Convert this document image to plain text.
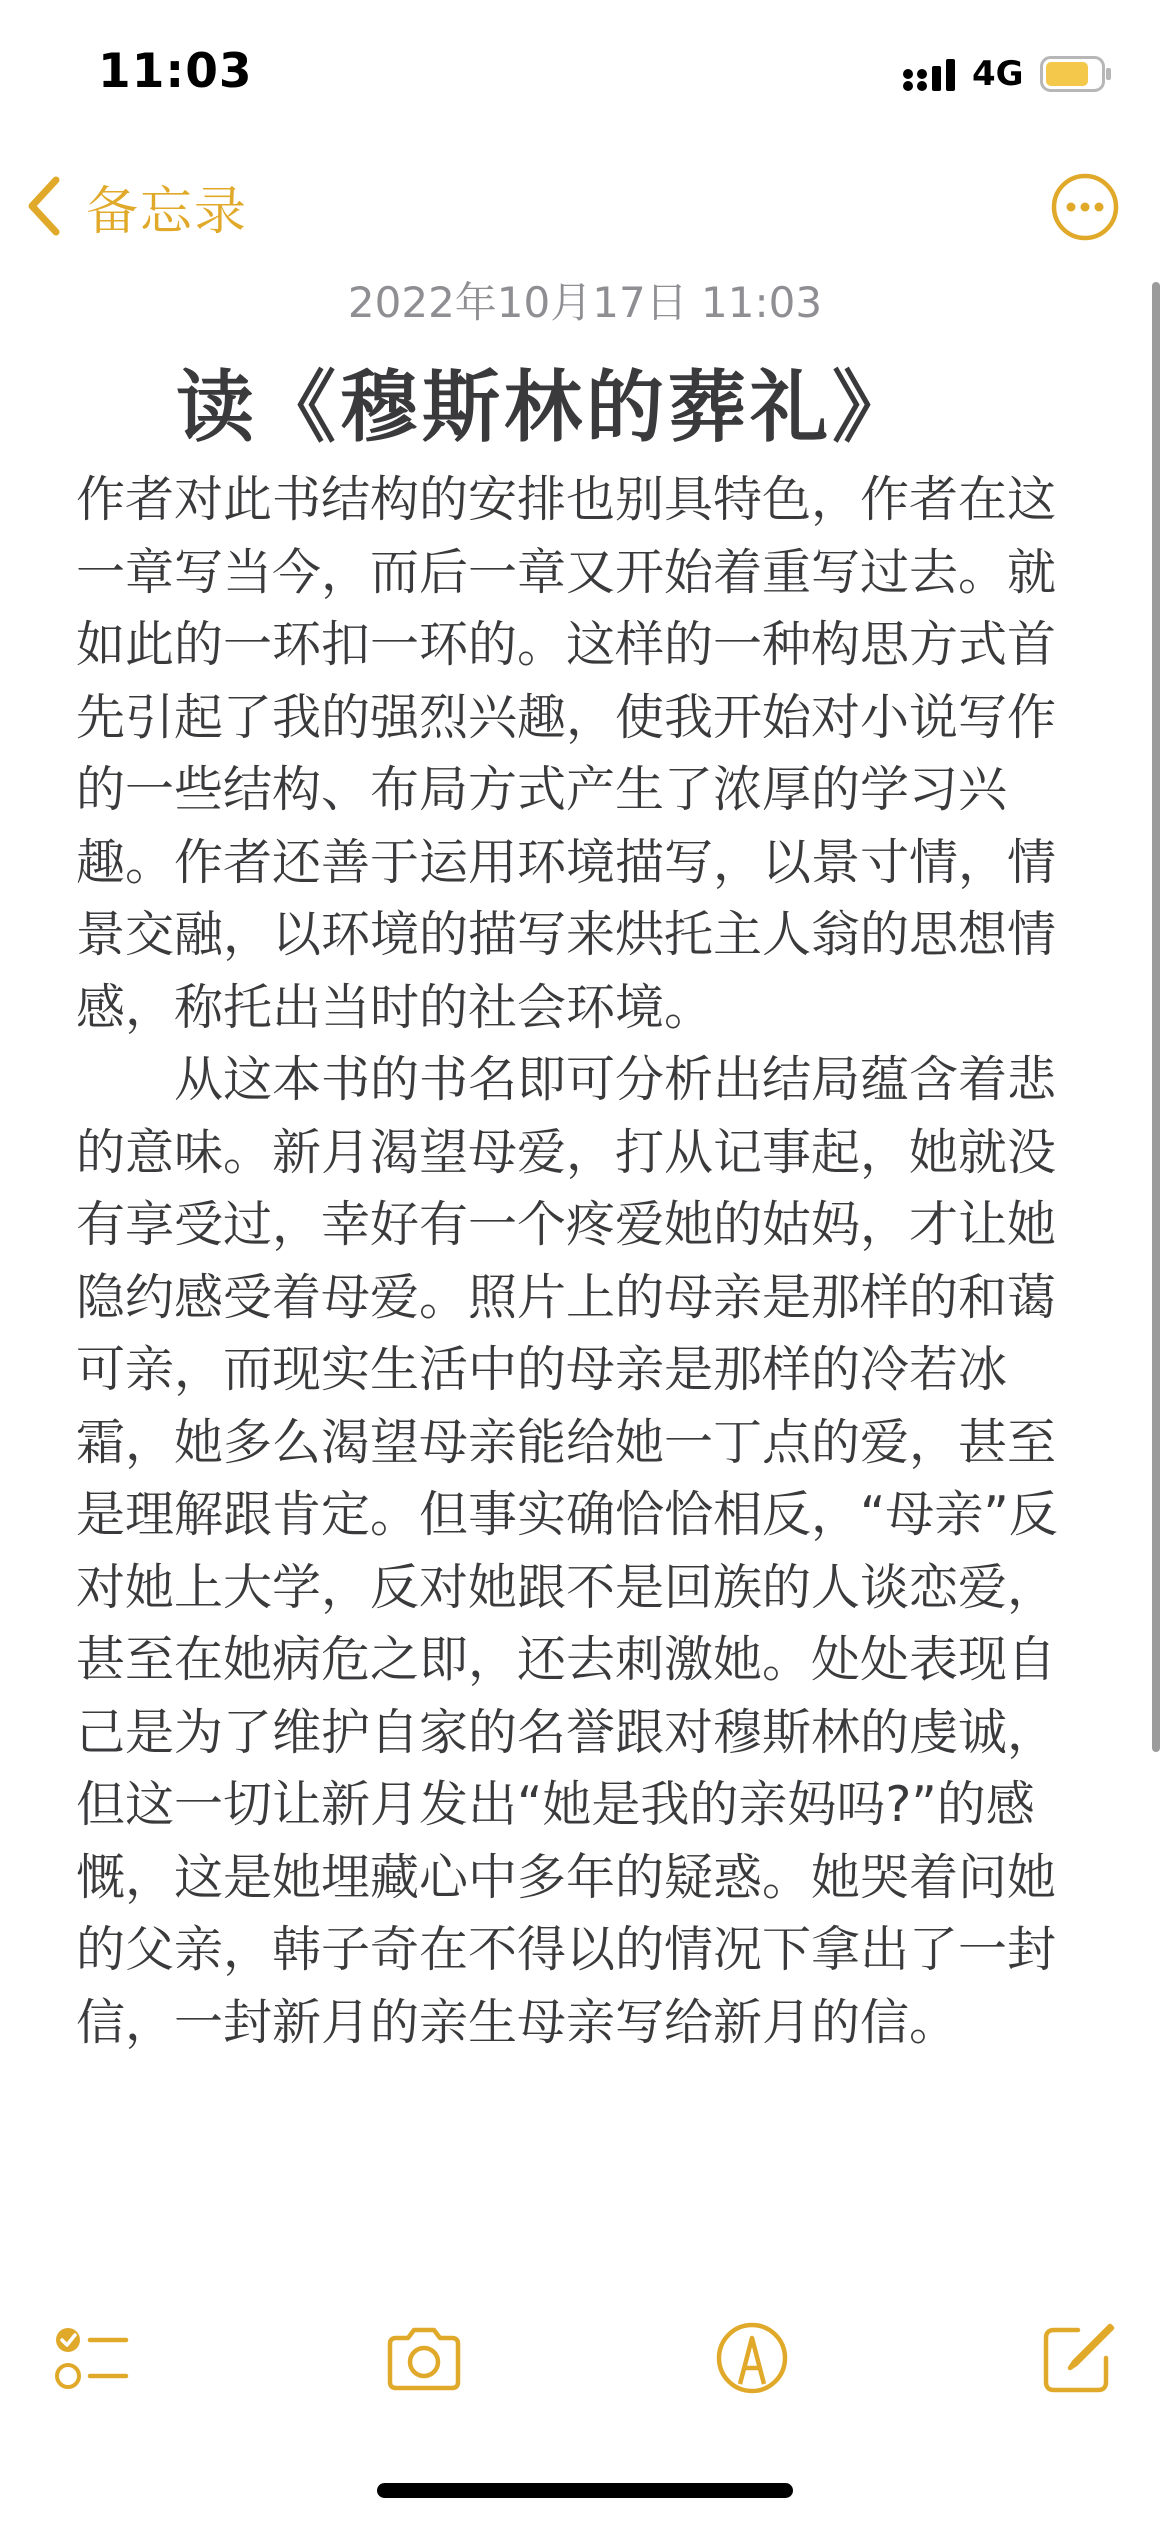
11:03	4G
备忘录
2022年10月17日 11:03
读《穆斯林的葬礼》

作者对此书结构的安排也别具特色，作者在这一章写当今，而后一章又开始着重写过去。就如此的一环扣一环的。这样的一种构思方式首先引起了我的强烈兴趣，使我开始对小说写作的一些结构、布局方式产生了浓厚的学习兴趣。作者还善于运用环境描写，以景寸情，情景交融，以环境的描写来烘托主人翁的思想情感，称托出当时的社会环境。

从这本书的书名即可分析出结局蕴含着悲的意味。新月渴望母爱，打从记事起，她就没有享受过，幸好有一个疼爱她的姑妈，才让她隐约感受着母爱。照片上的母亲是那样的和蔼可亲，而现实生活中的母亲是那样的冷若冰霜，她多么渴望母亲能给她一丁点的爱，甚至是理解跟肯定。但事实确恰恰相反，“母亲”反对她上大学，反对她跟不是回族的人谈恋爱，甚至在她病危之即，还去刺激她。处处表现自己是为了维护自家的名誉跟对穆斯林的虔诚，但这一切让新月发出“她是我的亲妈吗?”的感慨，这是她埋藏心中多年的疑惑。她哭着问她的父亲，韩子奇在不得以的情况下拿出了一封信，一封新月的亲生母亲写给新月的信。
